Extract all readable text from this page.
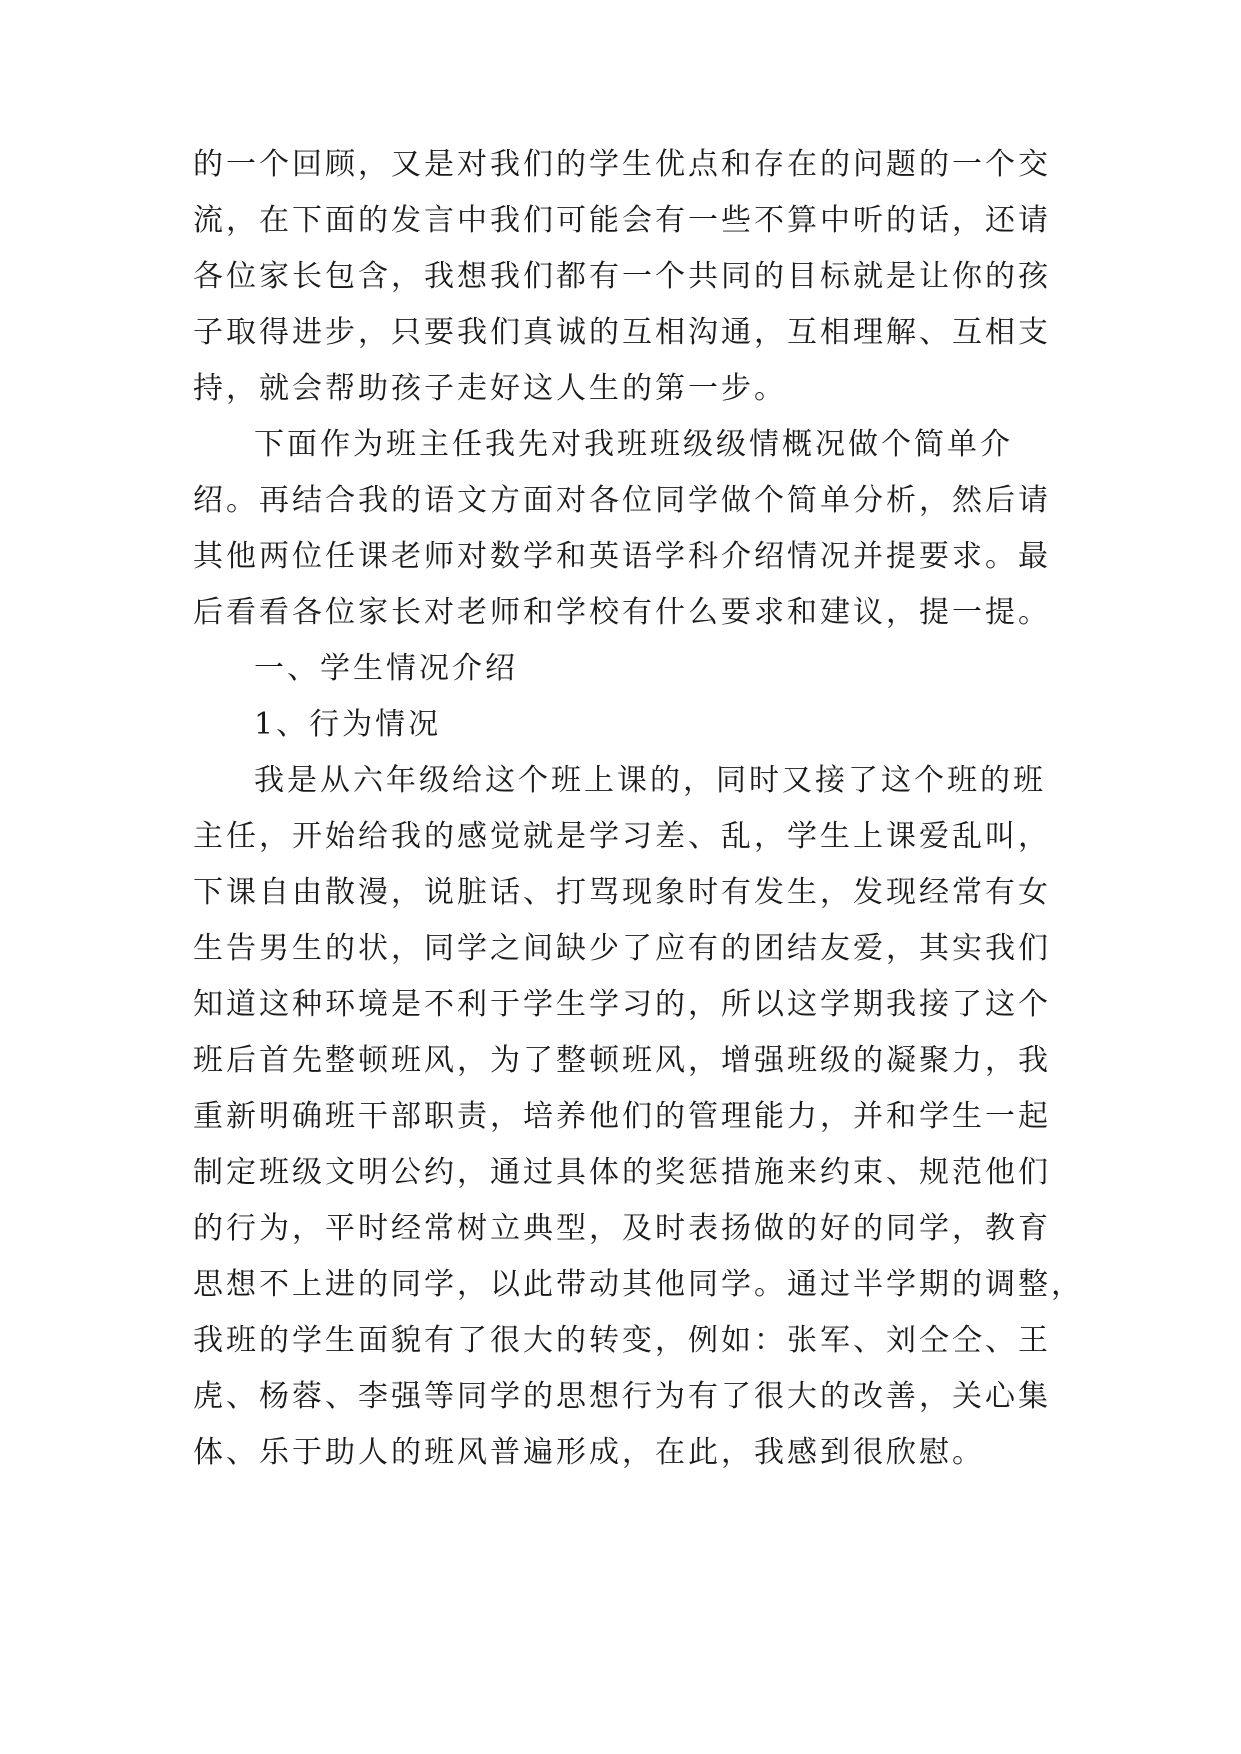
的一个回顾，又是对我们的学生优点和存在的问题的一个交
流，在下面的发言中我们可能会有一些不算中听的话，还请
各位家长包含，我想我们都有一个共同的目标就是让你的孩
子取得进步，只要我们真诚的互相沟通，互相理解、互相支
持，就会帮助孩子走好这人生的第一步。
下面作为班主任我先对我班班级级情概况做个简单介
绍。再结合我的语文方面对各位同学做个简单分析，然后请
其他两位任课老师对数学和英语学科介绍情况并提要求。最
后看看各位家长对老师和学校有什么要求和建议，提一提。
一、学生情况介绍
1、行为情况
我是从六年级给这个班上课的，同时又接了这个班的班
主任，开始给我的感觉就是学习差、乱，学生上课爱乱叫，
下课自由散漫，说脏话、打骂现象时有发生，发现经常有女
生告男生的状，同学之间缺少了应有的团结友爱，其实我们
知道这种环境是不利于学生学习的，所以这学期我接了这个
班后首先整顿班风，为了整顿班风，增强班级的凝聚力，我
重新明确班干部职责，培养他们的管理能力，并和学生一起
制定班级文明公约，通过具体的奖惩措施来约束、规范他们
的行为，平时经常树立典型，及时表扬做的好的同学，教育
思想不上进的同学，以此带动其他同学。通过半学期的调整，
我班的学生面貌有了很大的转变，例如：张军、刘仝仝、王
虎、杨蓉、李强等同学的思想行为有了很大的改善，关心集
体、乐于助人的班风普遍形成，在此，我感到很欣慰。
